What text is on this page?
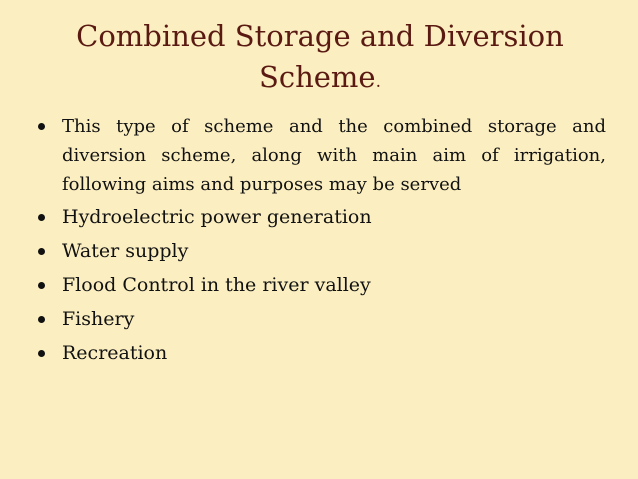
Combined Storage and Diversion
Scheme.
This type of scheme and the combined storage and diversion scheme, along with main aim of irrigation, following aims and purposes may be served
Hydroelectric power generation
Water supply
Flood Control in the river valley
Fishery
Recreation
